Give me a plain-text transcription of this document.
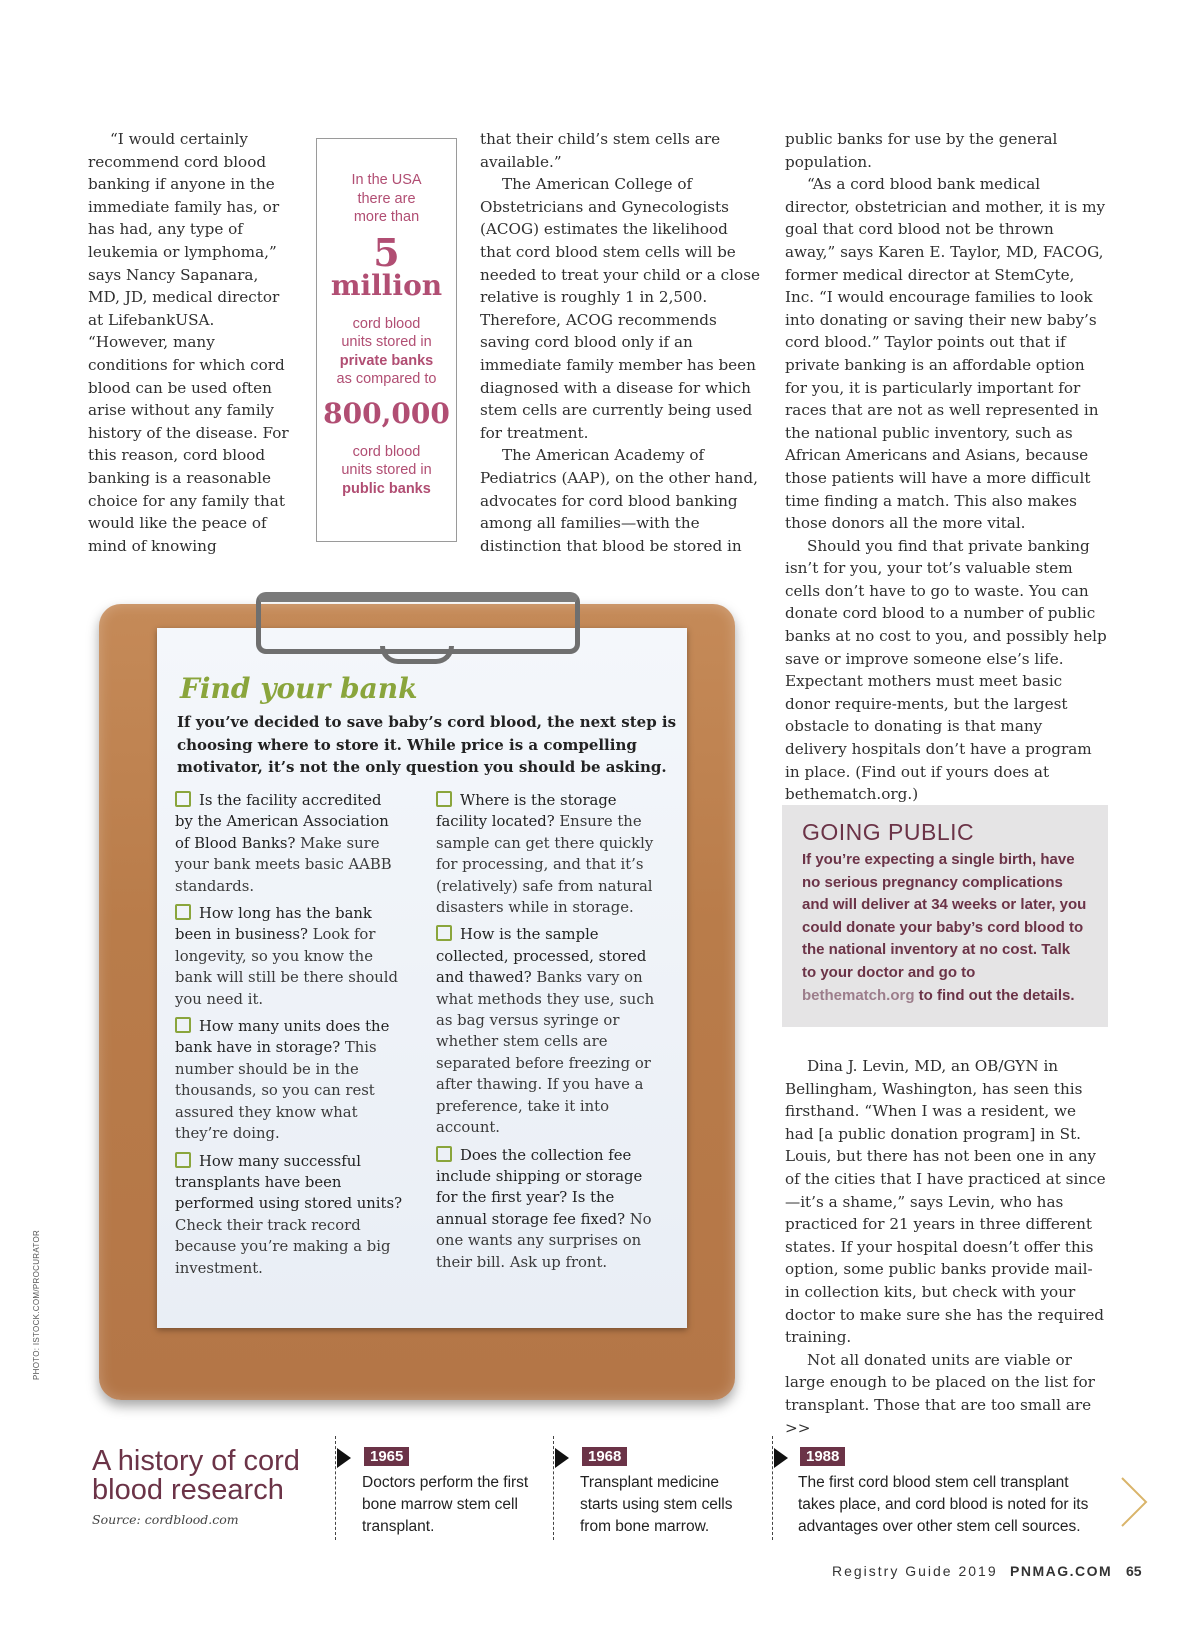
“I would certainly recommend cord blood banking if anyone in the immediate family has, or has had, any type of leukemia or lymphoma,” says Nancy Sapanara, MD, JD, medical director at LifebankUSA. “However, many conditions for which cord blood can be used often arise without any family history of the disease. For this reason, cord blood banking is a reasonable choice for any family that would like the peace of mind of knowing

In the USA
there are
more than
5
million
cord blood
units stored in
private banks
as compared to
800,000
cord blood
units stored in
public banks

that their child’s stem cells are available.”

The American College of Obstetricians and Gynecologists (ACOG) estimates the likelihood that cord blood stem cells will be needed to treat your child or a close relative is roughly 1 in 2,500. Therefore, ACOG recommends saving cord blood only if an immediate family member has been diagnosed with a disease for which stem cells are currently being used for treatment.

The American Academy of Pediatrics (AAP), on the other hand, advocates for cord blood banking among all families—with the distinction that blood be stored in

public banks for use by the general population.

“As a cord blood bank medical director, obstetrician and mother, it is my goal that cord blood not be thrown away,” says Karen E. Taylor, MD, FACOG, former medical director at StemCyte, Inc. “I would encourage families to look into donating or saving their new baby’s cord blood.” Taylor points out that if private banking is an affordable option for you, it is particularly important for races that are not as well represented in the national public inventory, such as African Americans and Asians, because those patients will have a more difficult time finding a match. This also makes those donors all the more vital.

Should you find that private banking isn’t for you, your tot’s valuable stem cells don’t have to go to waste. You can donate cord blood to a number of public banks at no cost to you, and possibly help save or improve someone else’s life. Expectant mothers must meet basic donor require-ments, but the largest obstacle to donating is that many delivery hospitals don’t have a program in place. (Find out if yours does at bethematch.org.)

GOING PUBLIC

If you’re expecting a single birth, have no serious pregnancy complications and will deliver at 34 weeks or later, you could donate your baby’s cord blood to the national inventory at no cost. Talk to your doctor and go to bethematch.org to find out the details.

Dina J. Levin, MD, an OB/GYN in Bellingham, Washington, has seen this firsthand. “When I was a resident, we had [a public donation program] in St. Louis, but there has not been one in any of the cities that I have practiced at since—it’s a shame,” says Levin, who has practiced for 21 years in three different states. If your hospital doesn’t offer this option, some public banks provide mail-in collection kits, but check with your doctor to make sure she has the required training.

Not all donated units are viable or large enough to be placed on the list for transplant. Those that are too small are >>

Find your bank
If you’ve decided to save baby’s cord blood, the next step is choosing where to store it. While price is a compelling motivator, it’s not the only question you should be asking.
Is the facility accredited by the American Association of Blood Banks? Make sure your bank meets basic AABB standards.
How long has the bank been in business? Look for longevity, so you know the bank will still be there should you need it.
How many units does the bank have in storage? This number should be in the thousands, so you can rest assured they know what they’re doing.
How many successful transplants have been performed using stored units? Check their track record because you’re making a big investment.
Where is the storage facility located? Ensure the sample can get there quickly for processing, and that it’s (relatively) safe from natural disasters while in storage.
How is the sample collected, processed, stored and thawed? Banks vary on what methods they use, such as bag versus syringe or whether stem cells are separated before freezing or after thawing. If you have a preference, take it into account.
Does the collection fee include shipping or storage for the first year? Is the annual storage fee fixed? No one wants any surprises on their bill. Ask up front.
PHOTO: ISTOCK.COM/PROCURATOR
A history of cord
blood research
Source: cordblood.com
1965
Doctors perform the first bone marrow stem cell transplant.
1968
Transplant medicine starts using stem cells from bone marrow.
1988
The first cord blood stem cell transplant takes place, and cord blood is noted for its advantages over other stem cell sources.
Registry Guide 2019 PNMAG.COM 65
